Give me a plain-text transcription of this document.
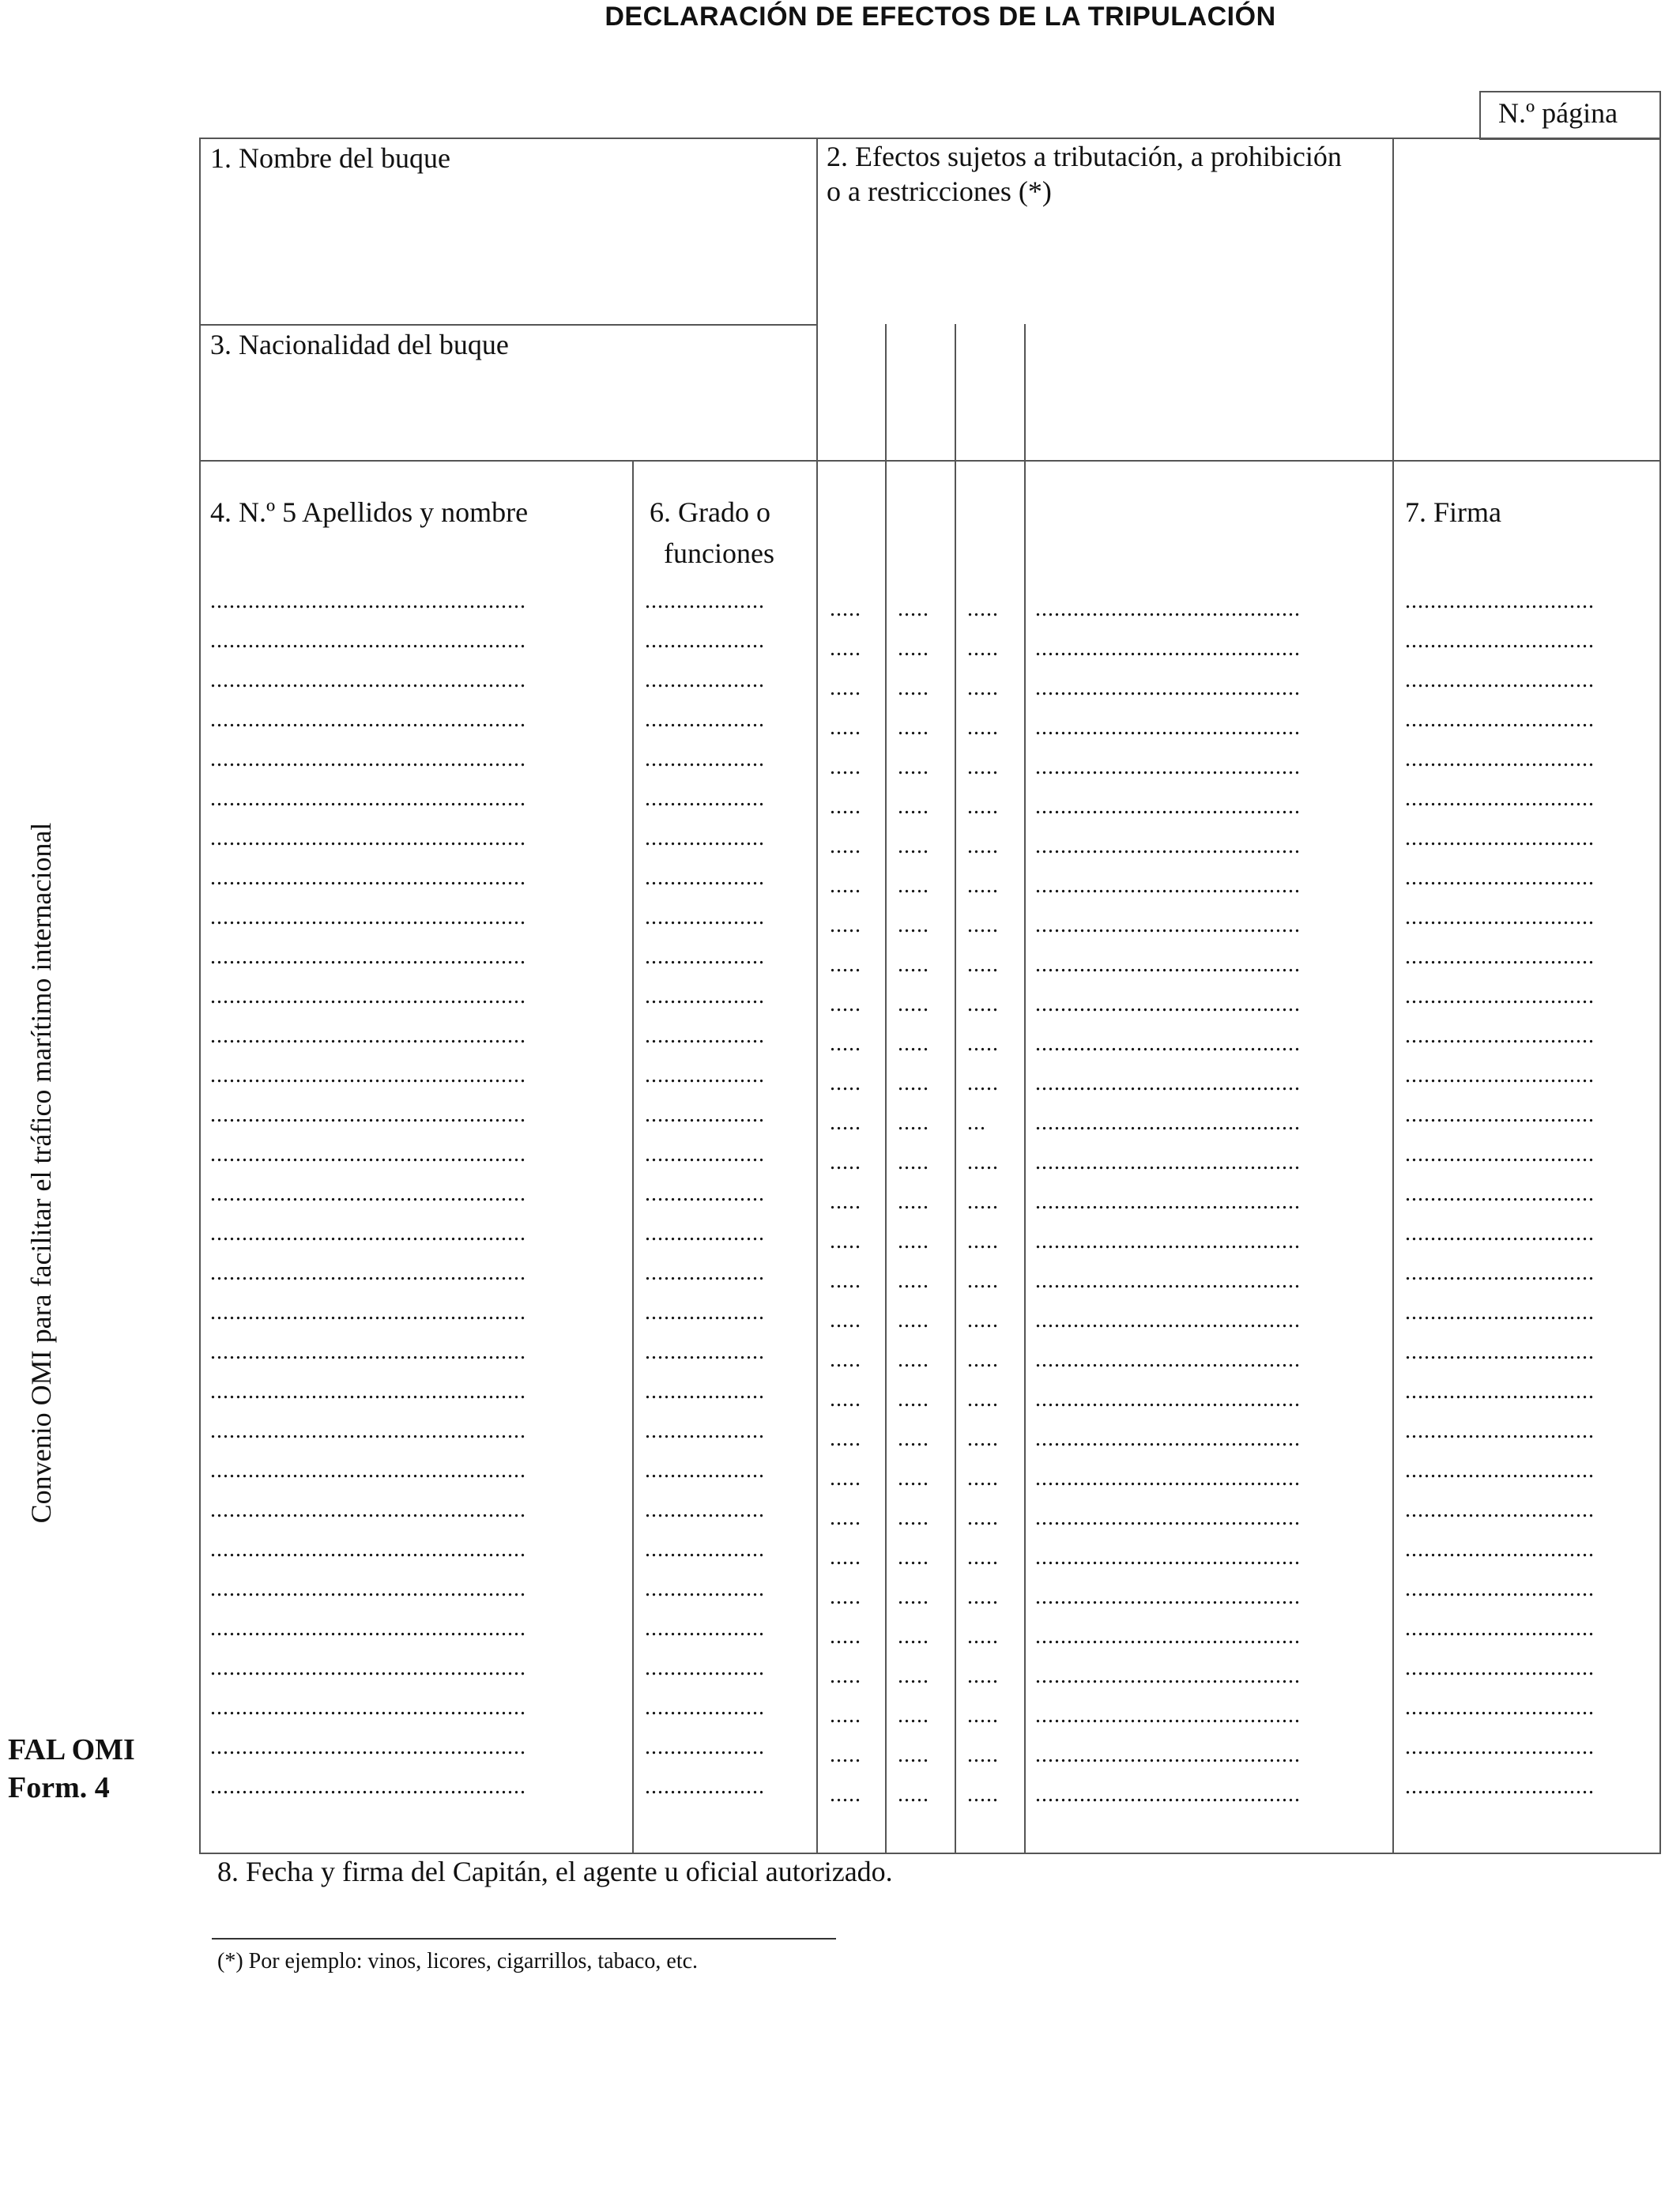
DECLARACIÓN DE EFECTOS DE LA TRIPULACIÓN
N.º página
1. Nombre del buque	2. Efectos sujetos a tributación, a prohibición
o a restricciones (*)
3. Nacionalidad del buque
4. N.º 5 Apellidos y nombre	6. Grado o
funciones
7. Firma
..................................................
..................................................
..................................................
..................................................
..................................................
..................................................
..................................................
..................................................
..................................................
..................................................
..................................................
..................................................
..................................................
..................................................
..................................................
..................................................
..................................................
..................................................
..................................................
..................................................
..................................................
..................................................
..................................................
..................................................
..................................................
..................................................
..................................................
..................................................
..................................................
..................................................
..................................................
...................
...................
...................
...................
...................
...................
...................
...................
...................
...................
...................
...................
...................
...................
...................
...................
...................
...................
...................
...................
...................
...................
...................
...................
...................
...................
...................
...................
...................
...................
...................
.....
.....
.....
.....
.....
.....
.....
.....
.....
.....
.....
.....
.....
.....
.....
.....
.....
.....
.....
.....
.....
.....
.....
.....
.....
.....
.....
.....
.....
.....
.....
.....
.....
.....
.....
.....
.....
.....
.....
.....
.....
.....
.....
.....
.....
.....
.....
.....
.....
.....
.....
.....
.....
.....
.....
.....
.....
.....
.....
.....
.....
.....
.....
.....
.....
.....
.....
.....
.....
.....
.....
.....
.....
.....
.....
...
.....
.....
.....
.....
.....
.....
.....
.....
.....
.....
.....
.....
.....
.....
.....
.....
.....
..........................................
..........................................
..........................................
..........................................
..........................................
..........................................
..........................................
..........................................
..........................................
..........................................
..........................................
..........................................
..........................................
..........................................
..........................................
..........................................
..........................................
..........................................
..........................................
..........................................
..........................................
..........................................
..........................................
..........................................
..........................................
..........................................
..........................................
..........................................
..........................................
..........................................
..........................................
..............................
..............................
..............................
..............................
..............................
..............................
..............................
..............................
..............................
..............................
..............................
..............................
..............................
..............................
..............................
..............................
..............................
..............................
..............................
..............................
..............................
..............................
..............................
..............................
..............................
..............................
..............................
..............................
..............................
..............................
..............................
Convenio OMI para facilitar el tráfico marítimo internacional
FAL OMI
Form. 4
8. Fecha y firma del Capitán, el agente u oficial autorizado.
(*) Por ejemplo: vinos, licores, cigarrillos, tabaco, etc.
